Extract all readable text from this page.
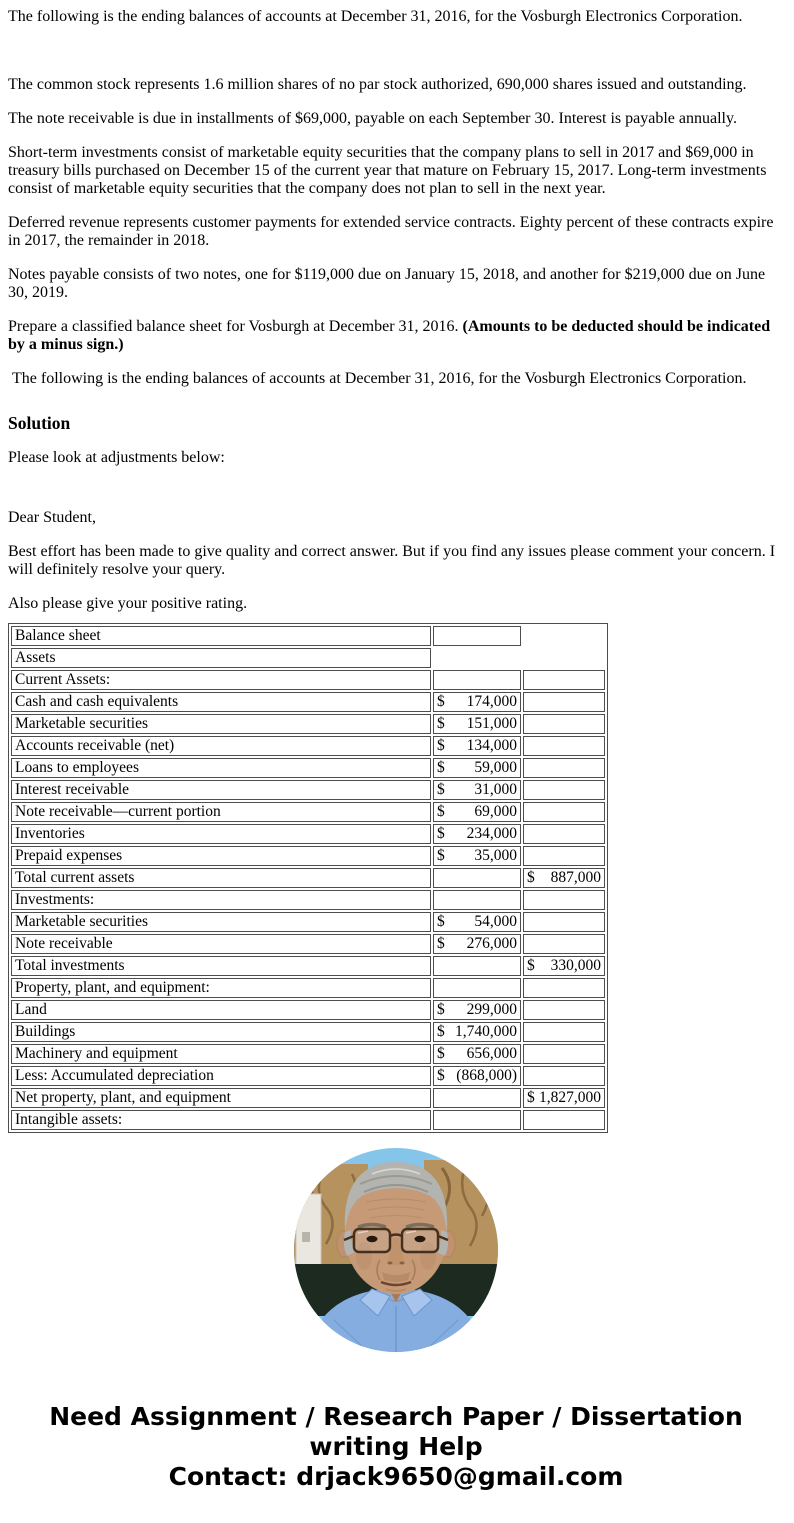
The following is the ending balances of accounts at December 31, 2016, for the Vosburgh Electronics Corporation.

The common stock represents 1.6 million shares of no par stock authorized, 690,000 shares issued and outstanding.

The note receivable is due in installments of $69,000, payable on each September 30. Interest is payable annually.

Short-term investments consist of marketable equity securities that the company plans to sell in 2017 and $69,000 in treasury bills purchased on December 15 of the current year that mature on February 15, 2017. Long-term investments consist of marketable equity securities that the company does not plan to sell in the next year.

Deferred revenue represents customer payments for extended service contracts. Eighty percent of these contracts expire in 2017, the remainder in 2018.

Notes payable consists of two notes, one for $119,000 due on January 15, 2018, and another for $219,000 due on June 30, 2019.

Prepare a classified balance sheet for Vosburgh at December 31, 2016. (Amounts to be deducted should be indicated by a minus sign.)

The following is the ending balances of accounts at December 31, 2016, for the Vosburgh Electronics Corporation.

Solution

Please look at adjustments below:

Dear Student,

Best effort has been made to give quality and correct answer. But if you find any issues please comment your concern. I will definitely resolve your query.

Also please give your positive rating.

Balance sheet		
Assets		
Current Assets:		
Cash and cash equivalents	$ 174,000	

Marketable securities	$ 151,000	

Accounts receivable (net)	$ 134,000	

Loans to employees	$ 59,000	

Interest receivable	$ 31,000	

Note receivable—current portion	$ 69,000	

Inventories	$ 234,000	

Prepaid expenses	$ 35,000	

Total current assets		$ 887,000

Investments:		
Marketable securities	$ 54,000	

Note receivable	$ 276,000	

Total investments		$ 330,000

Property, plant, and equipment:		
Land	$ 299,000	

Buildings	$ 1,740,000	

Machinery and equipment	$ 656,000	

Less: Accumulated depreciation	$ (868,000)	

Net property, plant, and equipment		$ 1,827,000

Intangible assets:		
Need Assignment / Research Paper / Dissertation
writing Help
Contact: drjack9650@gmail.com
